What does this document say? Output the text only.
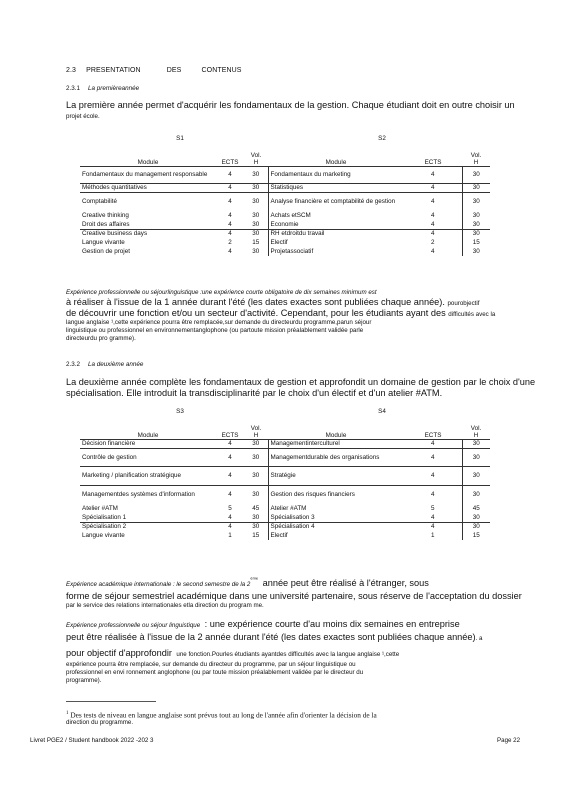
2.3 PRESENTATION	DES	CONTENUS
2.3.1 La premièreannée
La première année permet d'acquérir les fondamentaux de la gestion. Chaque étudiant doit en outre choisir un
projet école.
S1	S2
Module	ECTS	Vol.
H	Module	ECTS	Vol.
H
Fondamentaux du management responsable	4	30	Fondamentaux du marketing	4	30
Méthodes quantitatives	4	30	Statistiques	4	30
Comptabilité	4	30	Analyse financière et comptabilité de gestion	4	30
Creative thinking	4	30	Achats etSCM	4	30
Droit des affaires	4	30	Economie	4	30
Creative business days	4	30	RH etdroitdu travail	4	30
Langue vivante	2	15	Electif	2	15
Gestion de projet	4	30	Projetassociatif	4	30
Expérience professionnelle ou séjourlinguistique :une expérience courte obligatoire de dix semaines minimum est
à réaliser à l'issue de la 1 année durant l'été (les dates exactes sont publiées chaque année). pourobjectif
de découvrir une fonction et/ou un secteur d'activité. Cependant, pour les étudiants ayant des difficultés avec la
langue anglaise ¹,cette expérience pourra être remplacée,sur demande du directeurdu programme,parun séjour
linguistique ou professionnel en environnementanglophone (ou partoute mission préalablement validée parle
directeurdu pro gramme).
2.3.2 La deuxième année
La deuxième année complète les fondamentaux de gestion et approfondit un domaine de gestion par le choix d'une
spécialisation. Elle introduit la transdisciplinarité par le choix d'un électif et d'un atelier #ATM.
S3	S4
Module	ECTS	Vol.
H	Module	ECTS	Vol.
H
Décision financière	4	30	Managementinterculturel	4	30
Contrôle de gestion	4	30	Managementdurable des organisations	4	30
Marketing / planification stratégique	4	30	Stratégie	4	30
Managementdes systèmes d'information	4	30	Gestion des risques financiers	4	30
Atelier #ATM	5	45	Atelier #ATM	5	45
Spécialisation 1	4	30	Spécialisation 3	4	30
Spécialisation 2	4	30	Spécialisation 4	4	30
Langue vivante	1	15	Electif	1	15
Expérience académique internationale : le second semestre de la 2ème année peut être réalisé à l'étranger, sous
forme de séjour semestriel académique dans une université partenaire, sous réserve de l'acceptation du dossier
par le service des relations internationales etla direction du program me.
Expérience professionnelle ou séjour linguistique : une expérience courte d'au moins dix semaines en entreprise
peut être réalisée à l'issue de la 2 année durant l'été (les dates exactes sont publiées chaque année). a
pour objectif d'approfondir une fonction.Pourles étudiants ayantdes difficultés avec la langue anglaise ¹,cette
expérience pourra être remplacée, sur demande du directeur du programme, par un séjour linguistique ou
professionnel en envi ronnement anglophone (ou par toute mission préalablement validée par le directeur du
programme).
$^1$ Des tests de niveau en langue anglaise sont prévus tout au long de l'année afin d'orienter la décision de la
direction du programme.
Livret PGE2 / Student handbook 2022 -202 3	Page 22
